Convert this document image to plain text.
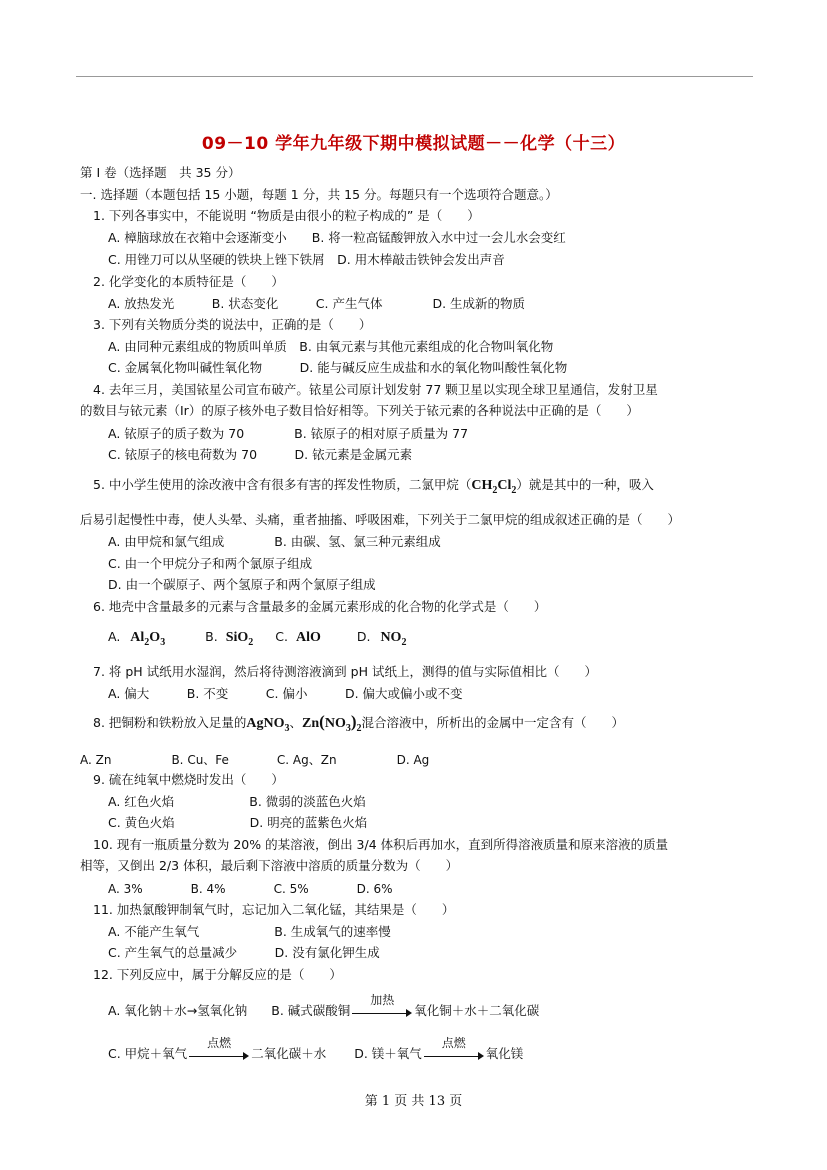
09－10 学年九年级下期中模拟试题－－化学（十三）
第 I 卷（选择题　共 35 分）
一. 选择题（本题包括 15 小题，每题 1 分，共 15 分。每题只有一个选项符合题意。）
1. 下列各事实中，不能说明 “物质是由很小的粒子构成的” 是（　　）
A. 樟脑球放在衣箱中会逐渐变小　　B. 将一粒高锰酸钾放入水中过一会儿水会变红
C. 用锉刀可以从坚硬的铁块上锉下铁屑　D. 用木棒敲击铁钟会发出声音
2. 化学变化的本质特征是（　　）
A. 放热发光　　　B. 状态变化　　　C. 产生气体　　　　D. 生成新的物质
3. 下列有关物质分类的说法中，正确的是（　　）
A. 由同种元素组成的物质叫单质　B. 由氧元素与其他元素组成的化合物叫氧化物
C. 金属氧化物叫碱性氧化物　　　D. 能与碱反应生成盐和水的氧化物叫酸性氧化物
4. 去年三月，美国铱星公司宣布破产。铱星公司原计划发射 77 颗卫星以实现全球卫星通信，发射卫星
的数目与铱元素（Ir）的原子核外电子数目恰好相等。下列关于铱元素的各种说法中正确的是（　　）
A. 铱原子的质子数为 70　　　　B. 铱原子的相对原子质量为 77
C. 铱原子的核电荷数为 70　　　D. 铱元素是金属元素
5. 中小学生使用的涂改液中含有很多有害的挥发性物质，二氯甲烷$(CH_2Cl_2)$就是其中的一种，吸入
后易引起慢性中毒，使人头晕、头痛，重者抽搐、呼吸困难，下列关于二氯甲烷的组成叙述正确的是（　　）
A. 由甲烷和氯气组成　　　　B. 由碳、氢、氯三种元素组成
C. 由一个甲烷分子和两个氯原子组成
D. 由一个碳原子、两个氢原子和两个氯原子组成
6. 地壳中含量最多的元素与含量最多的金属元素形成的化合物的化学式是（　　）
A. $Al_2O_3$	B. SiO$_2$ C. AlO	D. $NO_2$
7. 将 pH 试纸用水湿润，然后将待测溶液滴到 pH 试纸上，测得的值与实际值相比（　　）
A. 偏大　　　B. 不变　　　C. 偏小　　　D. 偏大或偏小或不变
8. 把铜粉和铁粉放入足量的AgNO$_3$、$Zn(NO_3)_2$混合溶液中，所析出的金属中一定含有（　　）
A. Zn　　　　　B. Cu、Fe　　　　C. Ag、Zn　　　　　D. Ag
9. 硫在纯氧中燃烧时发出（　　）
A. 红色火焰　　　　　　B. 微弱的淡蓝色火焰
C. 黄色火焰　　　　　　D. 明亮的蓝紫色火焰
10. 现有一瓶质量分数为 20% 的某溶液，倒出 3/4 体积后再加水，直到所得溶液质量和原来溶液的质量
相等，又倒出 2/3 体积，最后剩下溶液中溶质的质量分数为（　　）
A. 3%　　　　B. 4%　　　　C. 5%　　　　D. 6%
11. 加热氯酸钾制氧气时，忘记加入二氧化锰，其结果是（　　）
A. 不能产生氧气　　　　　　B. 生成氧气的速率慢
C. 产生氧气的总量减少　　　D. 没有氯化钾生成
12. 下列反应中，属于分解反应的是（　　）
A. 氧化钠＋水→氢氧化钠 B. 碱式碳酸铜
加热
氧化铜＋水＋二氧化碳
C. 甲烷＋氧气
点燃
二氧化碳＋水 D. 镁＋氧气
点燃
氧化镁
第 1 页 共 13 页
